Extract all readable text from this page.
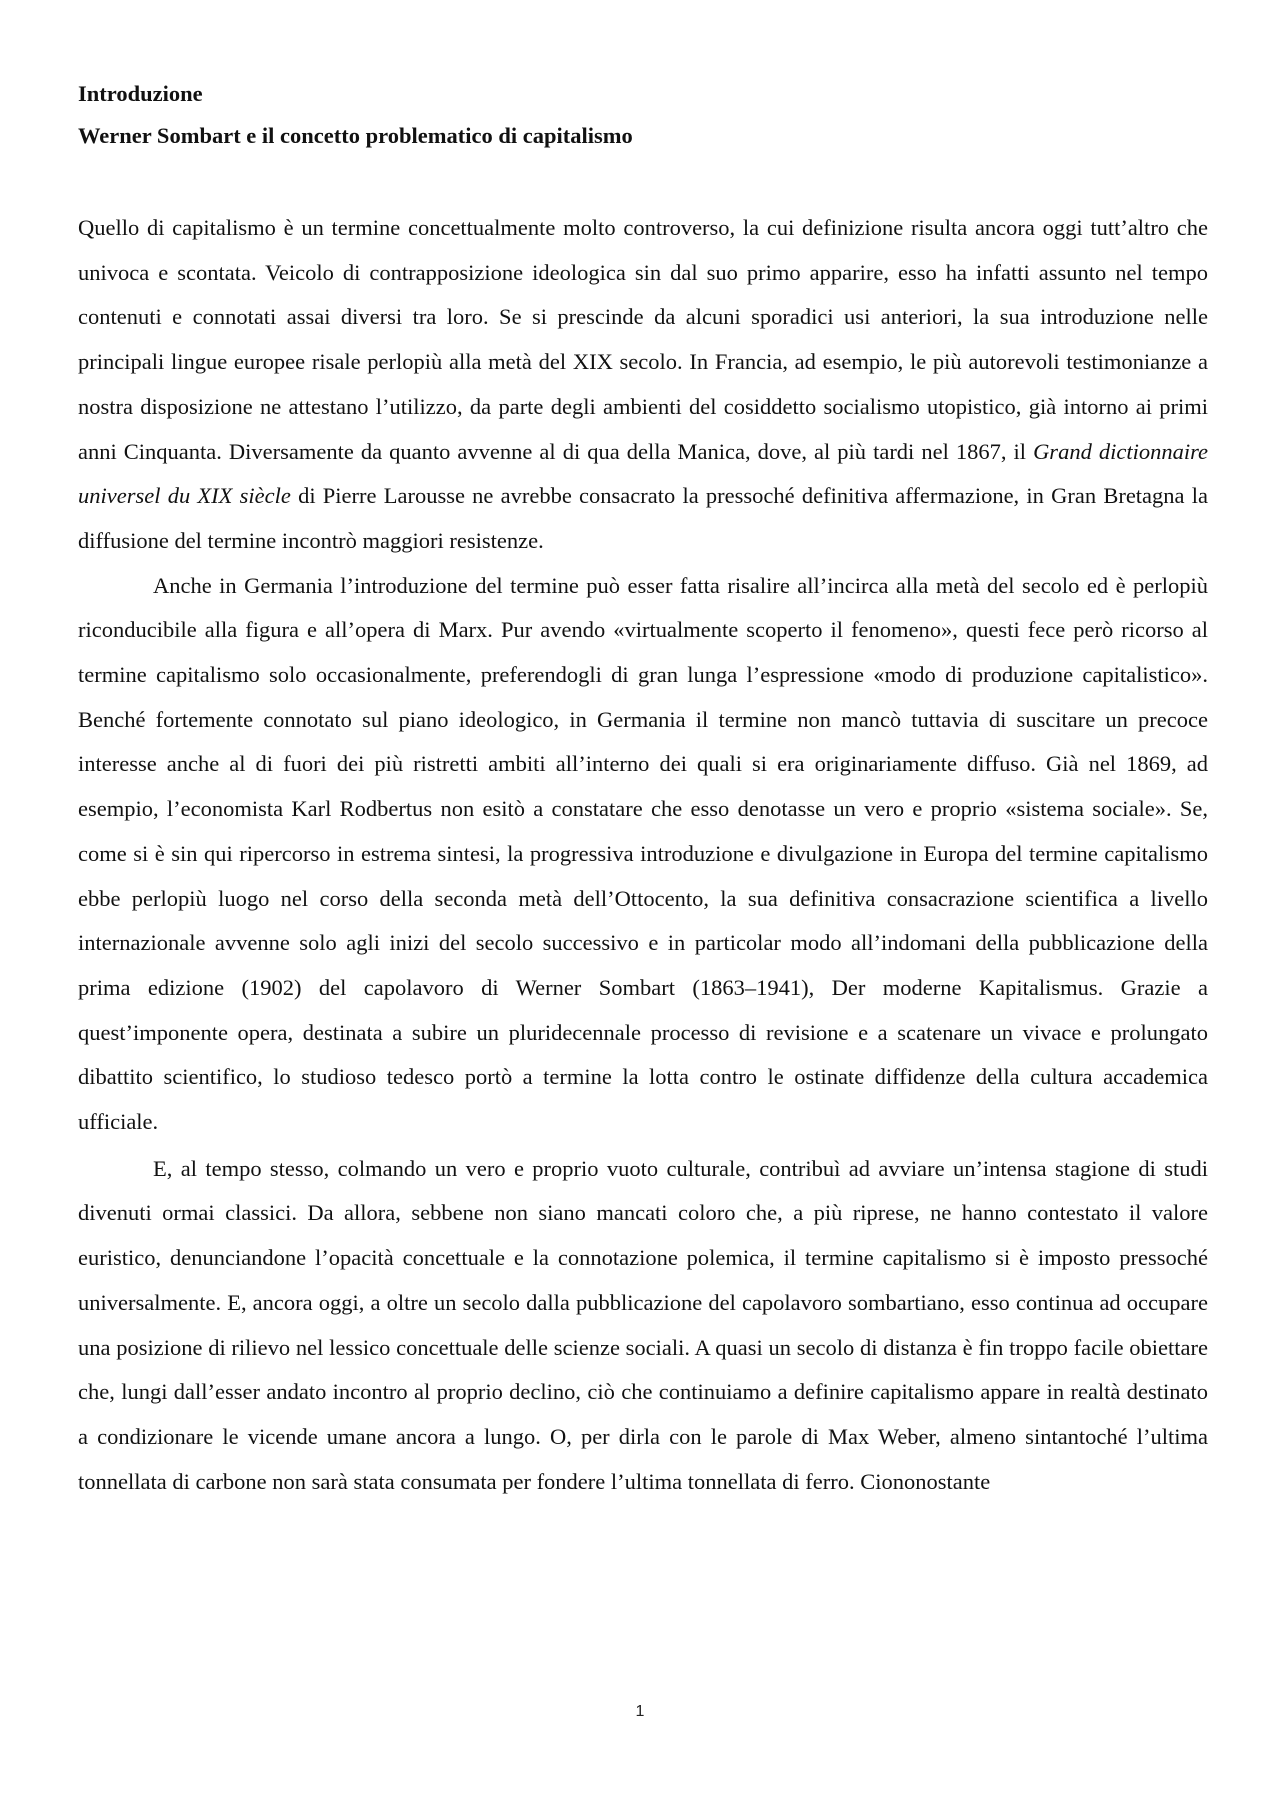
Introduzione
Werner Sombart e il concetto problematico di capitalismo

Quello di capitalismo è un termine concettualmente molto controverso, la cui definizione risulta ancora oggi tutt’altro che univoca e scontata. Veicolo di contrapposizione ideologica sin dal suo primo apparire, esso ha infatti assunto nel tempo contenuti e connotati assai diversi tra loro. Se si prescinde da alcuni sporadici usi anteriori, la sua introduzione nelle principali lingue europee risale perlopiù alla metà del XIX secolo. In Francia, ad esempio, le più autorevoli testimonianze a nostra disposizione ne attestano l’utilizzo, da parte degli ambienti del cosiddetto socialismo utopistico, già intorno ai primi anni Cinquanta. Diversamente da quanto avvenne al di qua della Manica, dove, al più tardi nel 1867, il Grand dictionnaire universel du XIX siècle di Pierre Larousse ne avrebbe consacrato la pressoché definitiva affermazione, in Gran Bretagna la diffusione del termine incontrò maggiori resistenze.

Anche in Germania l’introduzione del termine può esser fatta risalire all’incirca alla metà del secolo ed è perlopiù riconducibile alla figura e all’opera di Marx. Pur avendo «virtualmente scoperto il fenomeno», questi fece però ricorso al termine capitalismo solo occasionalmente, preferendogli di gran lunga l’espressione «modo di produzione capitalistico». Benché fortemente connotato sul piano ideologico, in Germania il termine non mancò tuttavia di suscitare un precoce interesse anche al di fuori dei più ristretti ambiti all’interno dei quali si era originariamente diffuso. Già nel 1869, ad esempio, l’economista Karl Rodbertus non esitò a constatare che esso denotasse un vero e proprio «sistema sociale». Se, come si è sin qui ripercorso in estrema sintesi, la progressiva introduzione e divulgazione in Europa del termine capitalismo ebbe perlopiù luogo nel corso della seconda metà dell’Ottocento, la sua definitiva consacrazione scientifica a livello internazionale avvenne solo agli inizi del secolo successivo e in particolar modo all’indomani della pubblicazione della prima edizione (1902) del capolavoro di Werner Sombart (1863–1941), Der moderne Kapitalismus. Grazie a quest’imponente opera, destinata a subire un pluridecennale processo di revisione e a scatenare un vivace e prolungato dibattito scientifico, lo studioso tedesco portò a termine la lotta contro le ostinate diffidenze della cultura accademica ufficiale.

E, al tempo stesso, colmando un vero e proprio vuoto culturale, contribuì ad avviare un’intensa stagione di studi divenuti ormai classici. Da allora, sebbene non siano mancati coloro che, a più riprese, ne hanno contestato il valore euristico, denunciandone l’opacità concettuale e la connotazione polemica, il termine capitalismo si è imposto pressoché universalmente. E, ancora oggi, a oltre un secolo dalla pubblicazione del capolavoro sombartiano, esso continua ad occupare una posizione di rilievo nel lessico concettuale delle scienze sociali. A quasi un secolo di distanza è fin troppo facile obiettare che, lungi dall’esser andato incontro al proprio declino, ciò che continuiamo a definire capitalismo appare in realtà destinato a condizionare le vicende umane ancora a lungo. O, per dirla con le parole di Max Weber, almeno sintantoché l’ultima tonnellata di carbone non sarà stata consumata per fondere l’ultima tonnellata di ferro. Ciononostante

1
